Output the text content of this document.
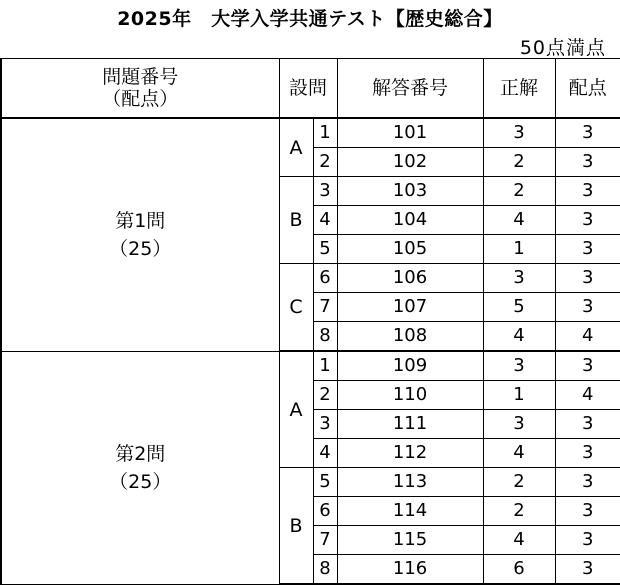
2025年　大学入学共通テスト【歴史総合】
50点満点
問題番号
（配点）	設問		解答番号	正解	配点

第1問
（25）	A	1	101	3	3
		2	102	2	3
	B	3	103	2	3
		4	104	4	3
		5	105	1	3
	C	6	106	3	3
		7	107	5	3
		8	108	4	4

第2問
（25）	A	1	109	3	3
		2	110	1	4
		3	111	3	3
		4	112	4	3
	B	5	113	2	3
		6	114	2	3
		7	115	4	3
		8	116	6	3
